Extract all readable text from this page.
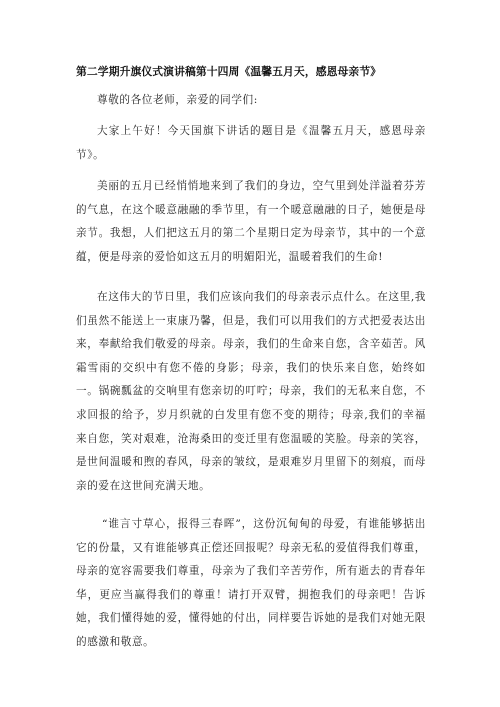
第二学期升旗仪式演讲稿第十四周《温馨五月天，感恩母亲节》

尊敬的各位老师，亲爱的同学们:

大家上午好！今天国旗下讲话的题目是《温馨五月天，感恩母亲节》。

美丽的五月已经悄悄地来到了我们的身边，空气里到处洋溢着芬芳的气息，在这个暖意融融的季节里，有一个暖意融融的日子，她便是母亲节。我想，人们把这五月的第二个星期日定为母亲节，其中的一个意蕴，便是母亲的爱恰如这五月的明媚阳光，温暖着我们的生命!

在这伟大的节日里，我们应该向我们的母亲表示点什么。在这里,我们虽然不能送上一束康乃馨，但是，我们可以用我们的方式把爱表达出来，奉献给我们敬爱的母亲。母亲，我们的生命来自您，含辛茹苦。风霜雪雨的交织中有您不倦的身影；母亲，我们的快乐来自您，始终如一。锅碗瓢盆的交响里有您亲切的叮咛；母亲，我们的无私来自您，不求回报的给予，岁月织就的白发里有您不变的期待；母亲,我们的幸福来自您，笑对艰难，沧海桑田的变迁里有您温暖的笑脸。母亲的笑容，是世间温暖和煦的春风，母亲的皱纹，是艰难岁月里留下的刻痕，而母亲的爱在这世间充满天地。

“谁言寸草心，报得三春晖”，这份沉甸甸的母爱，有谁能够掂出它的份量，又有谁能够真正偿还回报呢？母亲无私的爱值得我们尊重，母亲的宽容需要我们尊重，母亲为了我们辛苦劳作，所有逝去的青春年华，更应当赢得我们的尊重！请打开双臂，拥抱我们的母亲吧！告诉她，我们懂得她的爱，懂得她的付出，同样要告诉她的是我们对她无限的感激和敬意。
